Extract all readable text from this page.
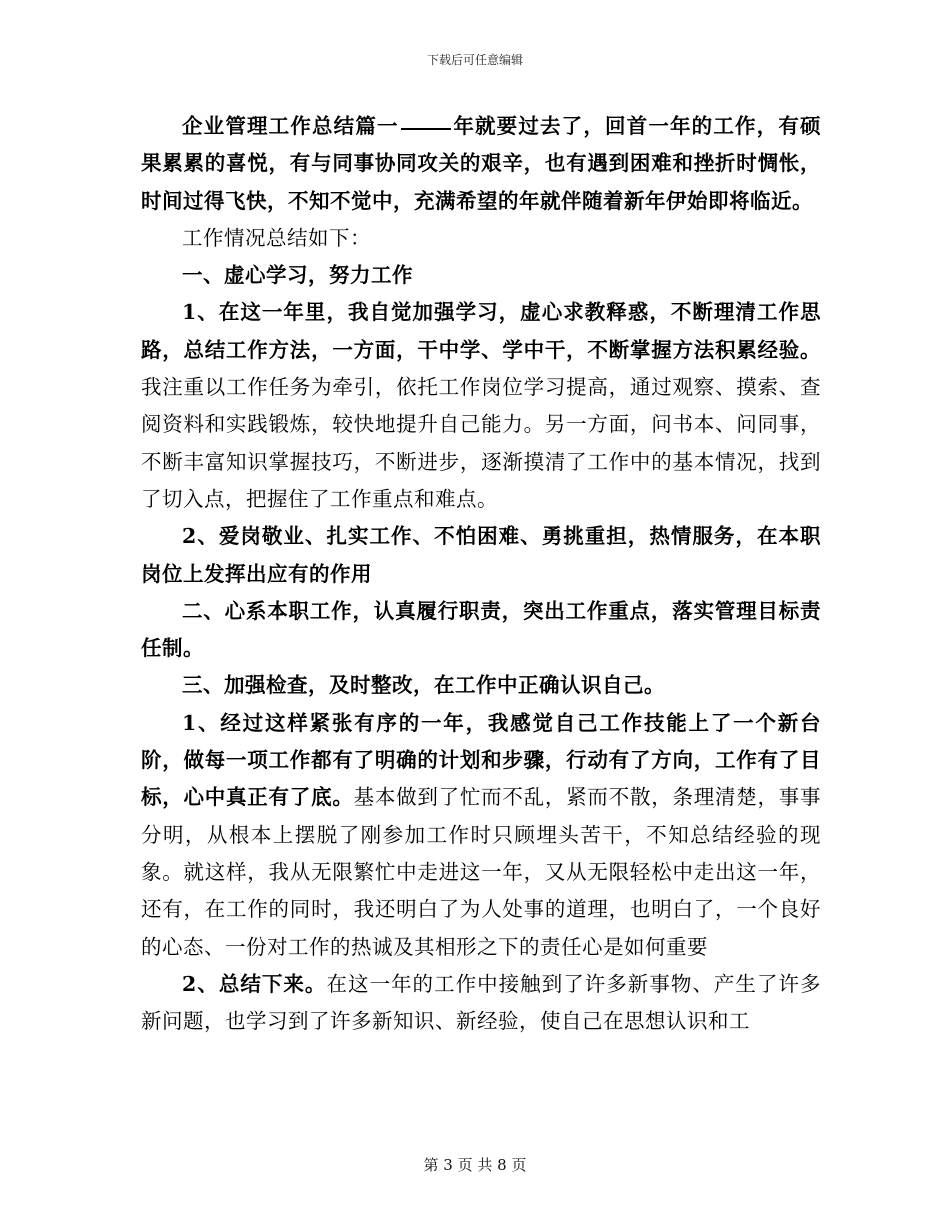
下载后可任意编辑

企业管理工作总结篇一	年就要过去了，回首一年的工作，有硕果累累的喜悦，有与同事协同攻关的艰辛，也有遇到困难和挫折时惆怅，时间过得飞快，不知不觉中，充满希望的年就伴随着新年伊始即将临近。

工作情况总结如下：

一、虚心学习，努力工作

1、在这一年里，我自觉加强学习，虚心求教释惑，不断理清工作思路，总结工作方法，一方面，干中学、学中干，不断掌握方法积累经验。我注重以工作任务为牵引，依托工作岗位学习提高，通过观察、摸索、查阅资料和实践锻炼，较快地提升自己能力。另一方面，问书本、问同事，不断丰富知识掌握技巧，不断进步，逐渐摸清了工作中的基本情况，找到了切入点，把握住了工作重点和难点。

2、爱岗敬业、扎实工作、不怕困难、勇挑重担，热情服务，在本职岗位上发挥出应有的作用

二、心系本职工作，认真履行职责，突出工作重点，落实管理目标责任制。

三、加强检查，及时整改，在工作中正确认识自己。

1、经过这样紧张有序的一年，我感觉自己工作技能上了一个新台阶，做每一项工作都有了明确的计划和步骤，行动有了方向，工作有了目标，心中真正有了底。基本做到了忙而不乱，紧而不散，条理清楚，事事分明，从根本上摆脱了刚参加工作时只顾埋头苦干，不知总结经验的现象。就这样，我从无限繁忙中走进这一年，又从无限轻松中走出这一年，还有，在工作的同时，我还明白了为人处事的道理，也明白了，一个良好的心态、一份对工作的热诚及其相形之下的责任心是如何重要

2、总结下来。在这一年的工作中接触到了许多新事物、产生了许多新问题，也学习到了许多新知识、新经验，使自己在思想认识和工

第 3 页 共 8 页
